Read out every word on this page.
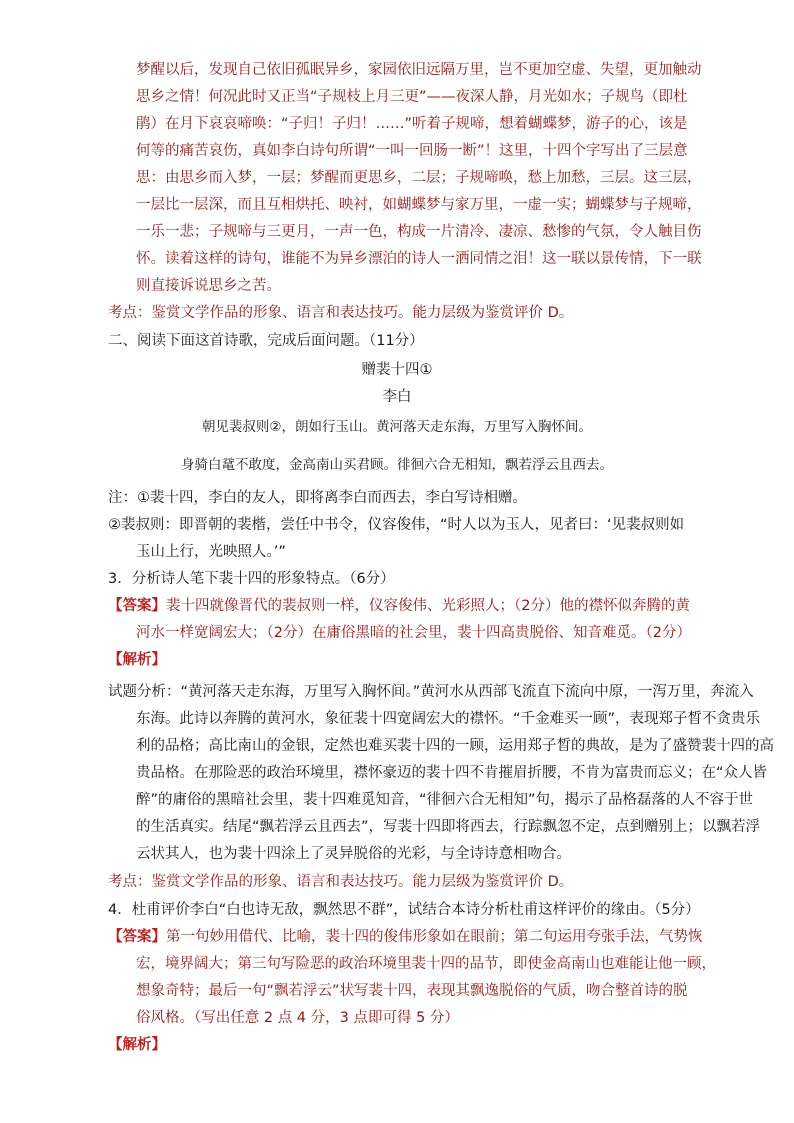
梦醒以后，发现自己依旧孤眠异乡，家园依旧远隔万里，岂不更加空虚、失望，更加触动
思乡之情！何况此时又正当“子规枝上月三更”——夜深人静，月光如水；子规鸟（即杜
鹃）在月下哀哀啼唤：“子归！子归！……”听着子规啼，想着蝴蝶梦，游子的心，该是
何等的痛苦哀伤，真如李白诗句所谓“一叫一回肠一断”！这里，十四个字写出了三层意
思：由思乡而入梦，一层；梦醒而更思乡，二层；子规啼唤，愁上加愁，三层。这三层，
一层比一层深，而且互相烘托、映衬，如蝴蝶梦与家万里，一虚一实；蝴蝶梦与子规啼，
一乐一悲；子规啼与三更月，一声一色，构成一片清冷、凄凉、愁惨的气氛，令人触目伤
怀。读着这样的诗句，谁能不为异乡漂泊的诗人一洒同情之泪！这一联以景传情，下一联
则直接诉说思乡之苦。

考点：鉴赏文学作品的形象、语言和表达技巧。能力层级为鉴赏评价 D。

二、阅读下面这首诗歌，完成后面问题。（11分）

赠裴十四①

李白

朝见裴叔则②，朗如行玉山。黄河落天走东海，万里写入胸怀间。

身骑白鼋不敢度，金高南山买君顾。徘徊六合无相知，飘若浮云且西去。

注：①裴十四，李白的友人，即将离李白而西去，李白写诗相赠。

②裴叔则：即晋朝的裴楷，尝任中书令，仪容俊伟，“时人以为玉人，见者曰：‘见裴叔则如

玉山上行，光映照人。’”

3．分析诗人笔下裴十四的形象特点。（6分）

【答案】裴十四就像晋代的裴叔则一样，仪容俊伟、光彩照人；（2分）他的襟怀似奔腾的黄
河水一样宽阔宏大；（2分）在庸俗黑暗的社会里，裴十四高贵脱俗、知音难觅。（2分）

【解析】

试题分析：“黄河落天走东海，万里写入胸怀间。”黄河水从西部飞流直下流向中原，一泻万里，奔流入
东海。此诗以奔腾的黄河水，象征裴十四宽阔宏大的襟怀。“千金难买一顾”，表现郑子晳不贪贵乐
利的品格；高比南山的金银，定然也难买裴十四的一顾，运用郑子晳的典故，是为了盛赞裴十四的高
贵品格。在那险恶的政治环境里，襟怀豪迈的裴十四不肯摧眉折腰，不肯为富贵而忘义；在“众人皆
醉”的庸俗的黑暗社会里，裴十四难觅知音，“徘徊六合无相知”句，揭示了品格磊落的人不容于世
的生活真实。结尾“飘若浮云且西去”，写裴十四即将西去，行踪飘忽不定，点到赠别上；以飘若浮
云状其人，也为裴十四涂上了灵异脱俗的光彩，与全诗诗意相吻合。

考点：鉴赏文学作品的形象、语言和表达技巧。能力层级为鉴赏评价 D。

4．杜甫评价李白“白也诗无敌，飘然思不群”，试结合本诗分析杜甫这样评价的缘由。（5分）

【答案】第一句妙用借代、比喻，裴十四的俊伟形象如在眼前；第二句运用夸张手法，气势恢
宏，境界阔大；第三句写险恶的政治环境里裴十四的品节，即使金高南山也难能让他一顾，
想象奇特；最后一句“飘若浮云”状写裴十四，表现其飘逸脱俗的气质，吻合整首诗的脱
俗风格。（写出任意 2 点 4 分，3 点即可得 5 分）

【解析】
